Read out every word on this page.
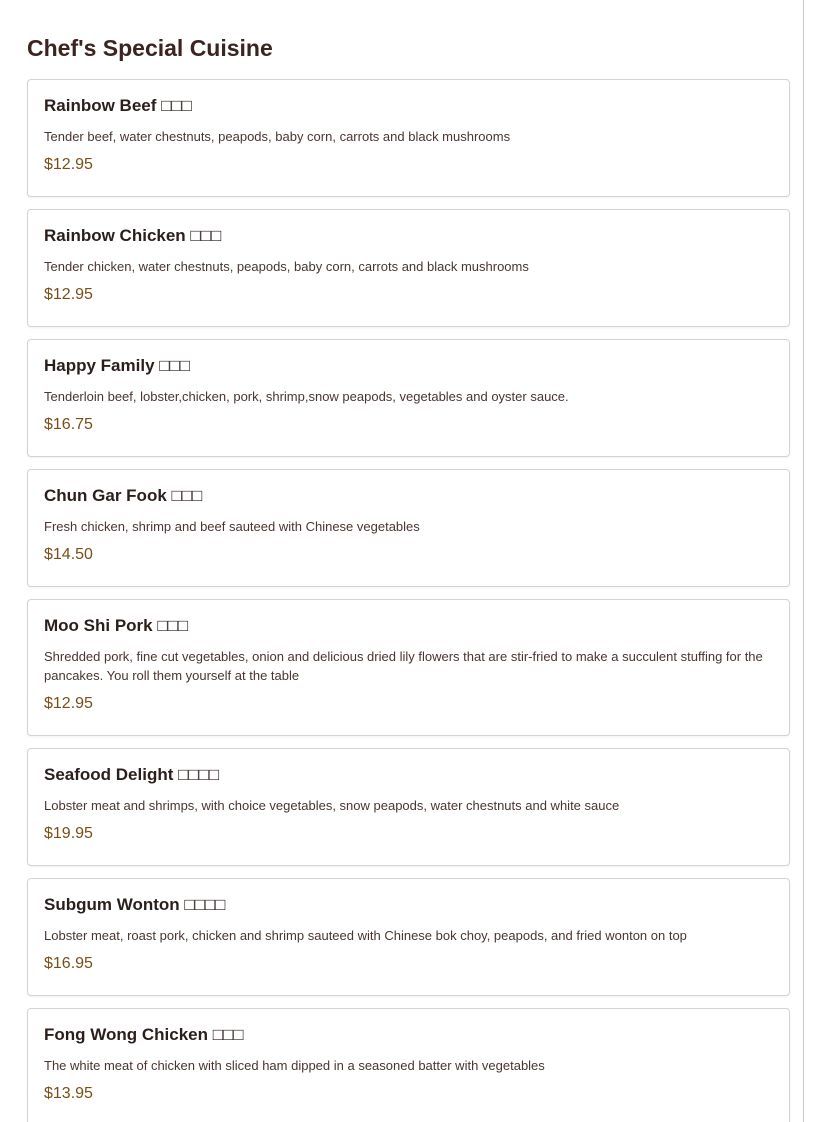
Chef's Special Cuisine
Rainbow Beef □□□
Tender beef, water chestnuts, peapods, baby corn, carrots and black mushrooms
$12.95
Rainbow Chicken □□□
Tender chicken, water chestnuts, peapods, baby corn, carrots and black mushrooms
$12.95
Happy Family □□□
Tenderloin beef, lobster,chicken, pork, shrimp,snow peapods, vegetables and oyster sauce.
$16.75
Chun Gar Fook □□□
Fresh chicken, shrimp and beef sauteed with Chinese vegetables
$14.50
Moo Shi Pork □□□
Shredded pork, fine cut vegetables, onion and delicious dried lily flowers that are stir-fried to make a succulent stuffing for the pancakes. You roll them yourself at the table
$12.95
Seafood Delight □□□□
Lobster meat and shrimps, with choice vegetables, snow peapods, water chestnuts and white sauce
$19.95
Subgum Wonton □□□□
Lobster meat, roast pork, chicken and shrimp sauteed with Chinese bok choy, peapods, and fried wonton on top
$16.95
Fong Wong Chicken □□□
The white meat of chicken with sliced ham dipped in a seasoned batter with vegetables
$13.95
